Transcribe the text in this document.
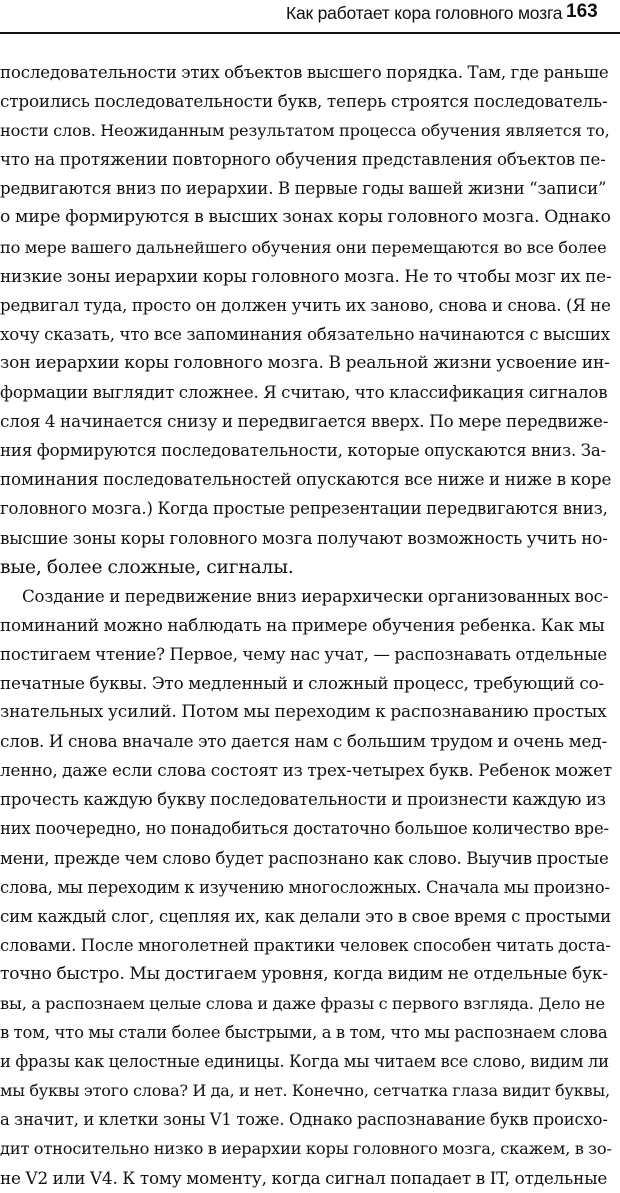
Как работает кора головного мозга 163
последовательности этих объектов высшего порядка. Там, где раньше
строились последовательности букв, теперь строятся последователь-
ности слов. Неожиданным результатом процесса обучения является то,
что на протяжении повторного обучения представления объектов пе-
редвигаются вниз по иерархии. В первые годы вашей жизни “записи”
о мире формируются в высших зонах коры головного мозга. Однако
по мере вашего дальнейшего обучения они перемещаются во все более
низкие зоны иерархии коры головного мозга. Не то чтобы мозг их пе-
редвигал туда, просто он должен учить их заново, снова и снова. (Я не
хочу сказать, что все запоминания обязательно начинаются с высших
зон иерархии коры головного мозга. В реальной жизни усвоение ин-
формации выглядит сложнее. Я считаю, что классификация сигналов
слоя 4 начинается снизу и передвигается вверх. По мере передвиже-
ния формируются последовательности, которые опускаются вниз. За-
поминания последовательностей опускаются все ниже и ниже в коре
головного мозга.) Когда простые репрезентации передвигаются вниз,
высшие зоны коры головного мозга получают возможность учить но-
вые, более сложные, сигналы.
Создание и передвижение вниз иерархически организованных вос-
поминаний можно наблюдать на примере обучения ребенка. Как мы
постигаем чтение? Первое, чему нас учат, — распознавать отдельные
печатные буквы. Это медленный и сложный процесс, требующий со-
знательных усилий. Потом мы переходим к распознаванию простых
слов. И снова вначале это дается нам с большим трудом и очень мед-
ленно, даже если слова состоят из трех-четырех букв. Ребенок может
прочесть каждую букву последовательности и произнести каждую из
них поочередно, но понадобиться достаточно большое количество вре-
мени, прежде чем слово будет распознано как слово. Выучив простые
слова, мы переходим к изучению многосложных. Сначала мы произно-
сим каждый слог, сцепляя их, как делали это в свое время с простыми
словами. После многолетней практики человек способен читать доста-
точно быстро. Мы достигаем уровня, когда видим не отдельные бук-
вы, а распознаем целые слова и даже фразы с первого взгляда. Дело не
в том, что мы стали более быстрыми, а в том, что мы распознаем слова
и фразы как целостные единицы. Когда мы читаем все слово, видим ли
мы буквы этого слова? И да, и нет. Конечно, сетчатка глаза видит буквы,
а значит, и клетки зоны V1 тоже. Однако распознавание букв происхо-
дит относительно низко в иерархии коры головного мозга, скажем, в зо-
не V2 или V4. К тому моменту, когда сигнал попадает в IT, отдельные
